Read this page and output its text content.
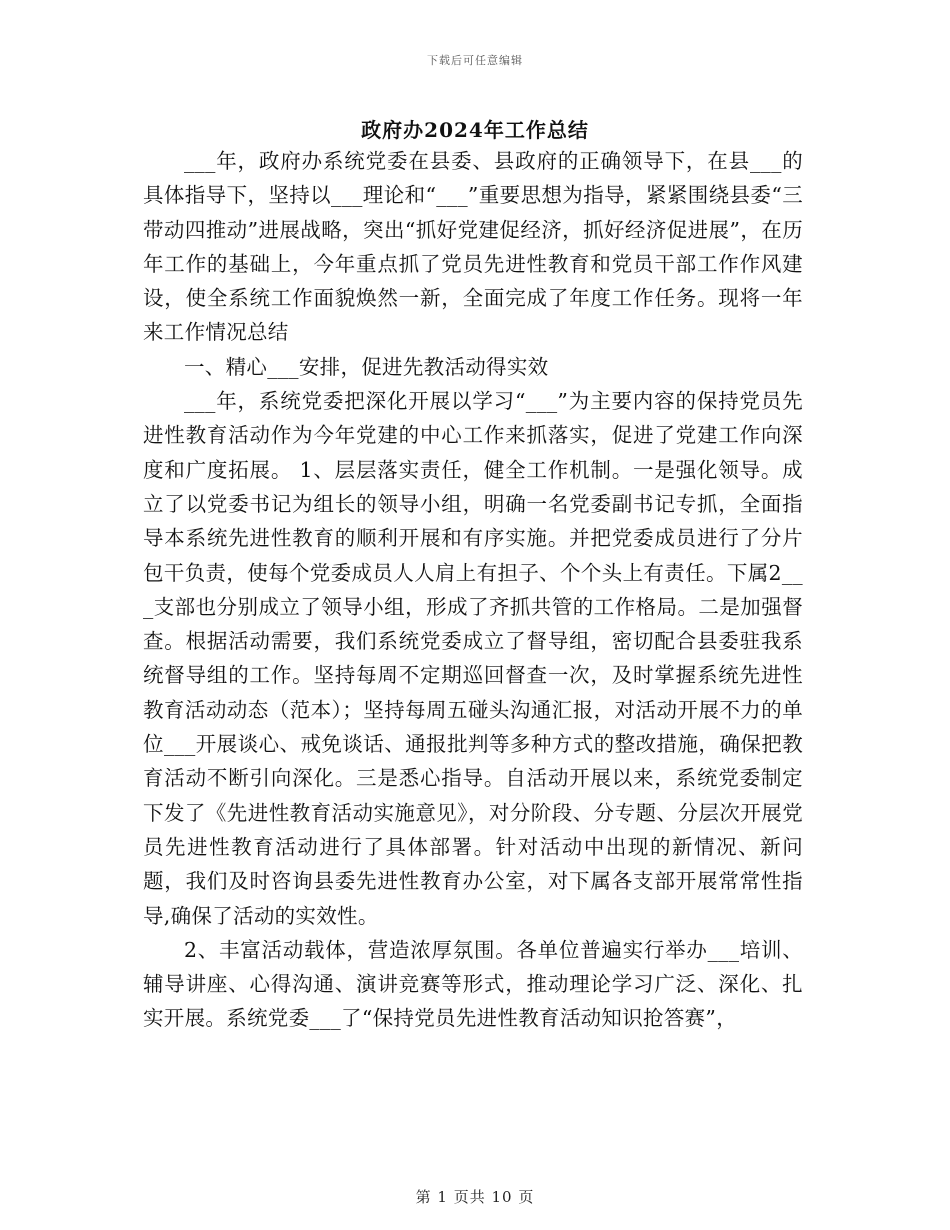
下载后可任意编辑
政府办2024年工作总结

___年，政府办系统党委在县委、县政府的正确领导下，在县___的具体指导下，坚持以___理论和“___”重要思想为指导，紧紧围绕县委“三带动四推动”进展战略，突出“抓好党建促经济，抓好经济促进展”，在历年工作的基础上，今年重点抓了党员先进性教育和党员干部工作作风建设，使全系统工作面貌焕然一新，全面完成了年度工作任务。现将一年来工作情况总结

一、精心___安排，促进先教活动得实效

___年，系统党委把深化开展以学习“___”为主要内容的保持党员先进性教育活动作为今年党建的中心工作来抓落实，促进了党建工作向深度和广度拓展。 1、层层落实责任，健全工作机制。一是强化领导。成立了以党委书记为组长的领导小组，明确一名党委副书记专抓，全面指导本系统先进性教育的顺利开展和有序实施。并把党委成员进行了分片包干负责，使每个党委成员人人肩上有担子、个个头上有责任。下属2___支部也分别成立了领导小组，形成了齐抓共管的工作格局。二是加强督查。根据活动需要，我们系统党委成立了督导组，密切配合县委驻我系统督导组的工作。坚持每周不定期巡回督查一次，及时掌握系统先进性教育活动动态（范本）；坚持每周五碰头沟通汇报，对活动开展不力的单位___开展谈心、戒免谈话、通报批判等多种方式的整改措施，确保把教育活动不断引向深化。三是悉心指导。自活动开展以来，系统党委制定下发了《先进性教育活动实施意见》，对分阶段、分专题、分层次开展党员先进性教育活动进行了具体部署。针对活动中出现的新情况、新问题，我们及时咨询县委先进性教育办公室，对下属各支部开展常常性指导,确保了活动的实效性。

2、丰富活动载体，营造浓厚氛围。各单位普遍实行举办___培训、辅导讲座、心得沟通、演讲竞赛等形式，推动理论学习广泛、深化、扎实开展。系统党委___了“保持党员先进性教育活动知识抢答赛”，

第 1 页共 10 页
